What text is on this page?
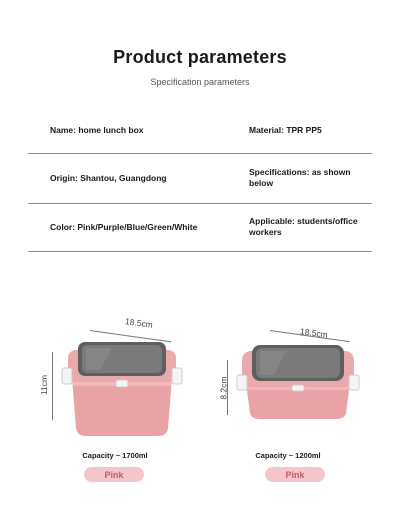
Product parameters
Specification parameters
Name: home lunch box	Material: TPR PP5
Origin: Shantou, Guangdong
Specifications: as shown below
Color: Pink/Purple/Blue/Green/White
Applicable: students/office workers
18.5cm
11cm
Capacity ~ 1700ml
Pink
18.5cm
8.2cm
Capacity ~ 1200ml
Pink
